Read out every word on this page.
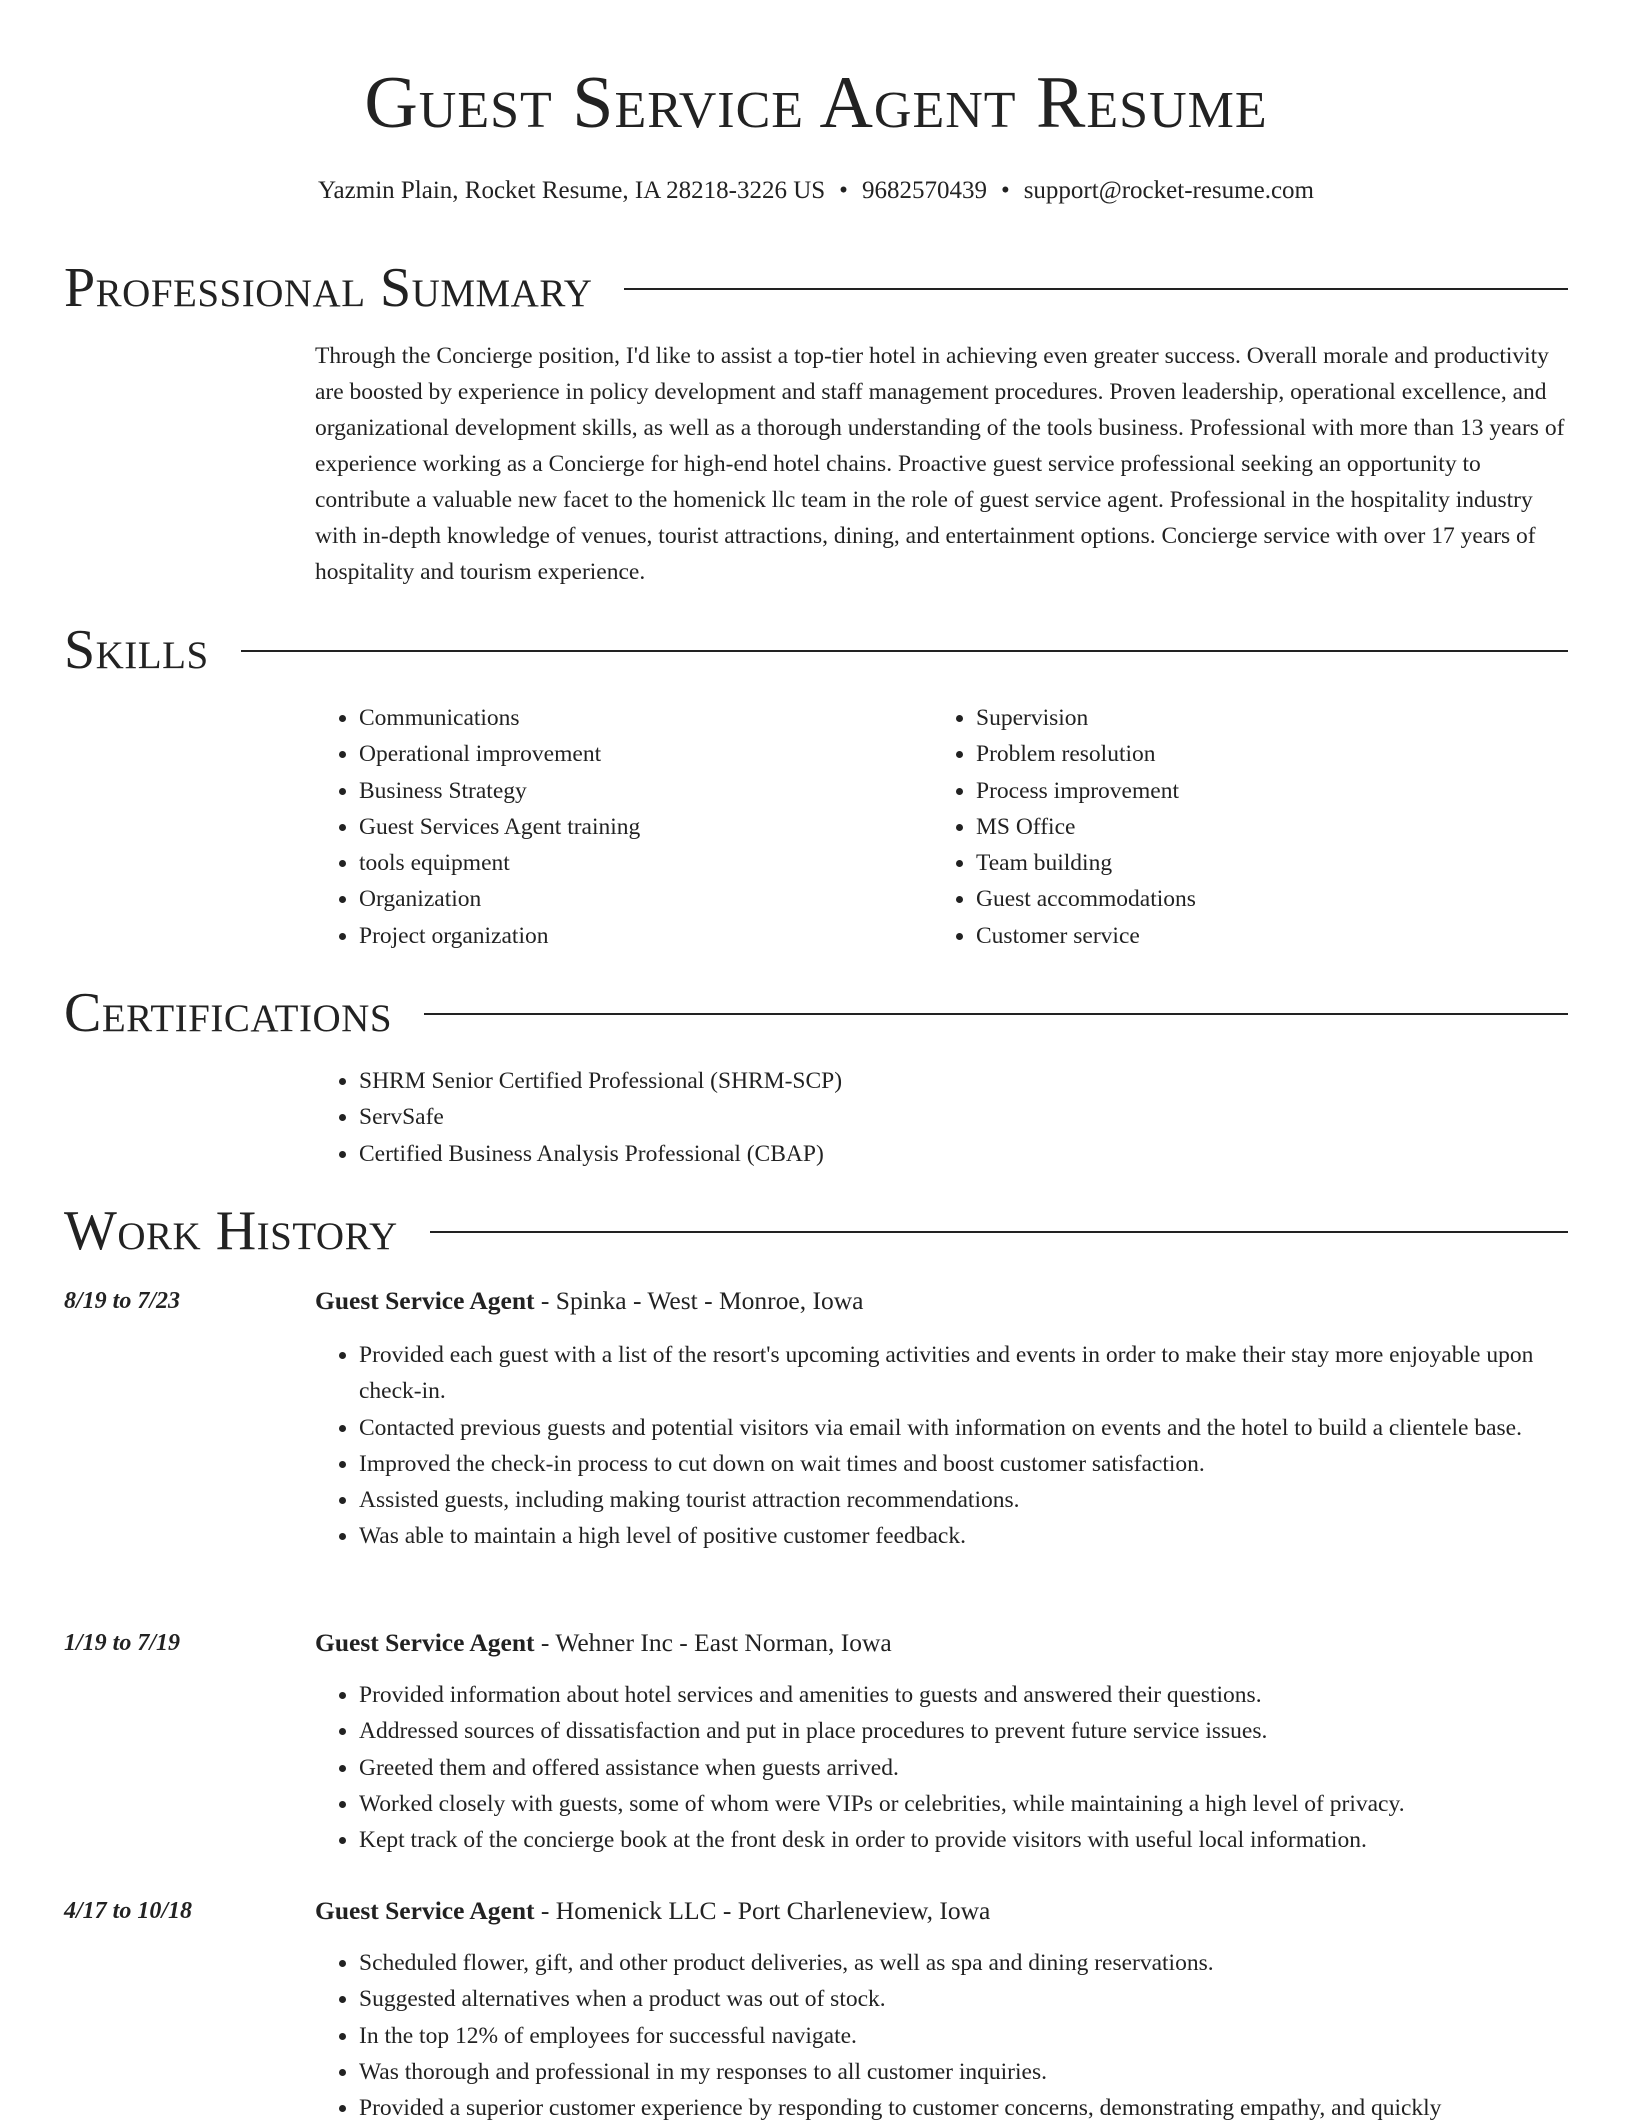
Guest Service Agent Resume
Yazmin Plain, Rocket Resume, IA 28218-3226 US • 9682570439 • support@rocket-resume.com
Professional Summary

Through the Concierge position, I'd like to assist a top-tier hotel in achieving even greater success. Overall morale and productivity are boosted by experience in policy development and staff management procedures. Proven leadership, operational excellence, and organizational development skills, as well as a thorough understanding of the tools business. Professional with more than 13 years of experience working as a Concierge for high-end hotel chains. Proactive guest service professional seeking an opportunity to contribute a valuable new facet to the homenick llc team in the role of guest service agent. Professional in the hospitality industry with in-depth knowledge of venues, tourist attractions, dining, and entertainment options. Concierge service with over 17 years of hospitality and tourism experience.

Skills
• Communications
• Operational improvement
• Business Strategy
• Guest Services Agent training
• tools equipment
• Organization
• Project organization
• Supervision
• Problem resolution
• Process improvement
• MS Office
• Team building
• Guest accommodations
• Customer service
Certifications
• SHRM Senior Certified Professional (SHRM-SCP)
• ServSafe
• Certified Business Analysis Professional (CBAP)
Work History
8/19 to 7/23	Guest Service Agent - Spinka - West - Monroe, Iowa
• Provided each guest with a list of the resort's upcoming activities and events in order to make their stay more enjoyable upon check-in.
• Contacted previous guests and potential visitors via email with information on events and the hotel to build a clientele base.
• Improved the check-in process to cut down on wait times and boost customer satisfaction.
• Assisted guests, including making tourist attraction recommendations.
• Was able to maintain a high level of positive customer feedback.
1/19 to 7/19	Guest Service Agent - Wehner Inc - East Norman, Iowa
• Provided information about hotel services and amenities to guests and answered their questions.
• Addressed sources of dissatisfaction and put in place procedures to prevent future service issues.
• Greeted them and offered assistance when guests arrived.
• Worked closely with guests, some of whom were VIPs or celebrities, while maintaining a high level of privacy.
• Kept track of the concierge book at the front desk in order to provide visitors with useful local information.
4/17 to 10/18	Guest Service Agent - Homenick LLC - Port Charleneview, Iowa
• Scheduled flower, gift, and other product deliveries, as well as spa and dining reservations.
• Suggested alternatives when a product was out of stock.
• In the top 12% of employees for successful navigate.
• Was thorough and professional in my responses to all customer inquiries.
• Provided a superior customer experience by responding to customer concerns, demonstrating empathy, and quickly
